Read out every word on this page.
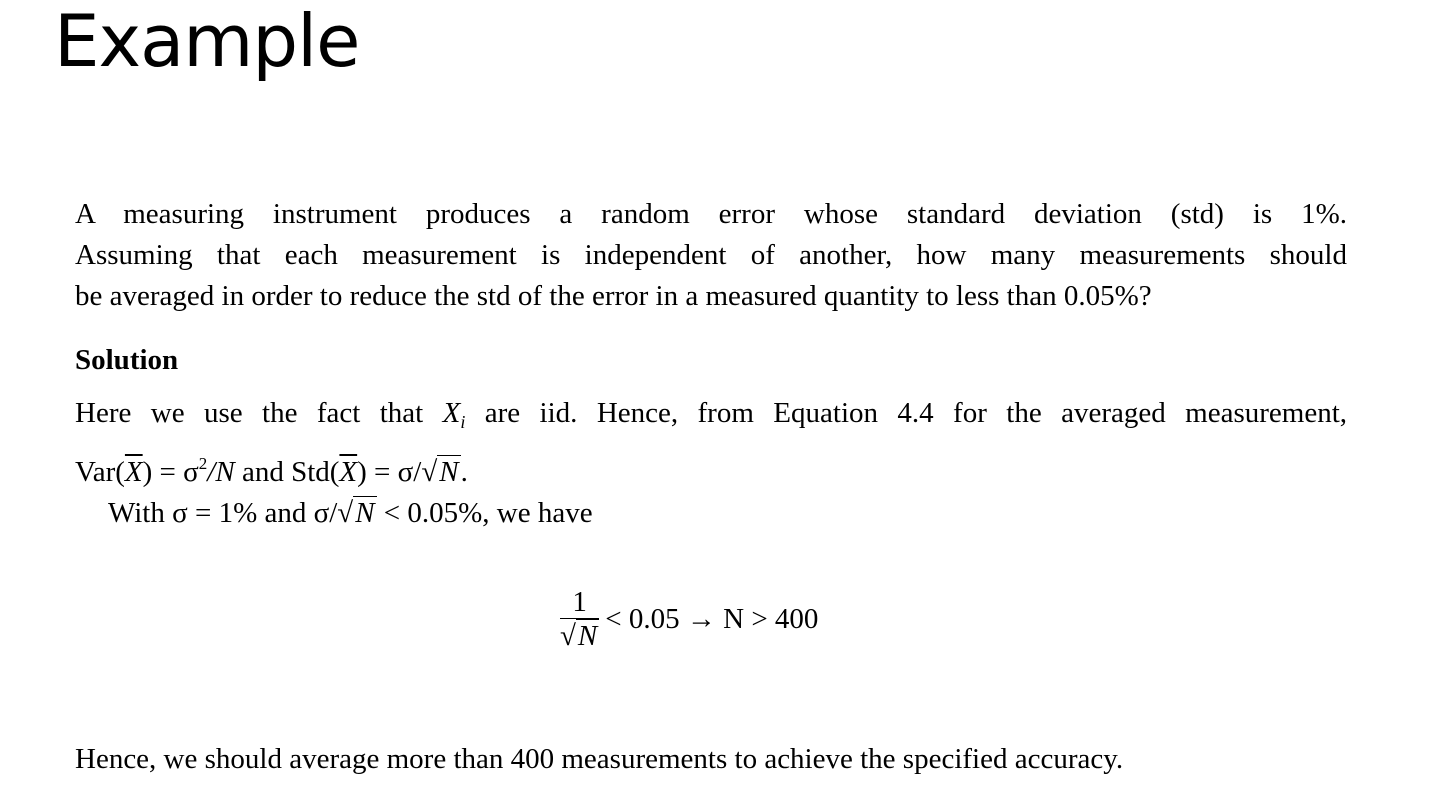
Example

A measuring instrument produces a random error whose standard deviation (std) is 1%.
Assuming that each measurement is independent of another, how many measurements should
be averaged in order to reduce the std of the error in a measured quantity to less than 0.05%?

Solution

Here we use the fact that $X_i$ are iid. Hence, from Equation 4.4 for the averaged measurement,
$Var(\overline{X}) = \sigma^2/N$ and $Std(\overline{X}) = \sigma/√N$.
With σ = 1% and σ/√N < 0.05%, we have

$\frac{1}{√N} < 0.05 \to N > 400$

Hence, we should average more than 400 measurements to achieve the specified accuracy.
